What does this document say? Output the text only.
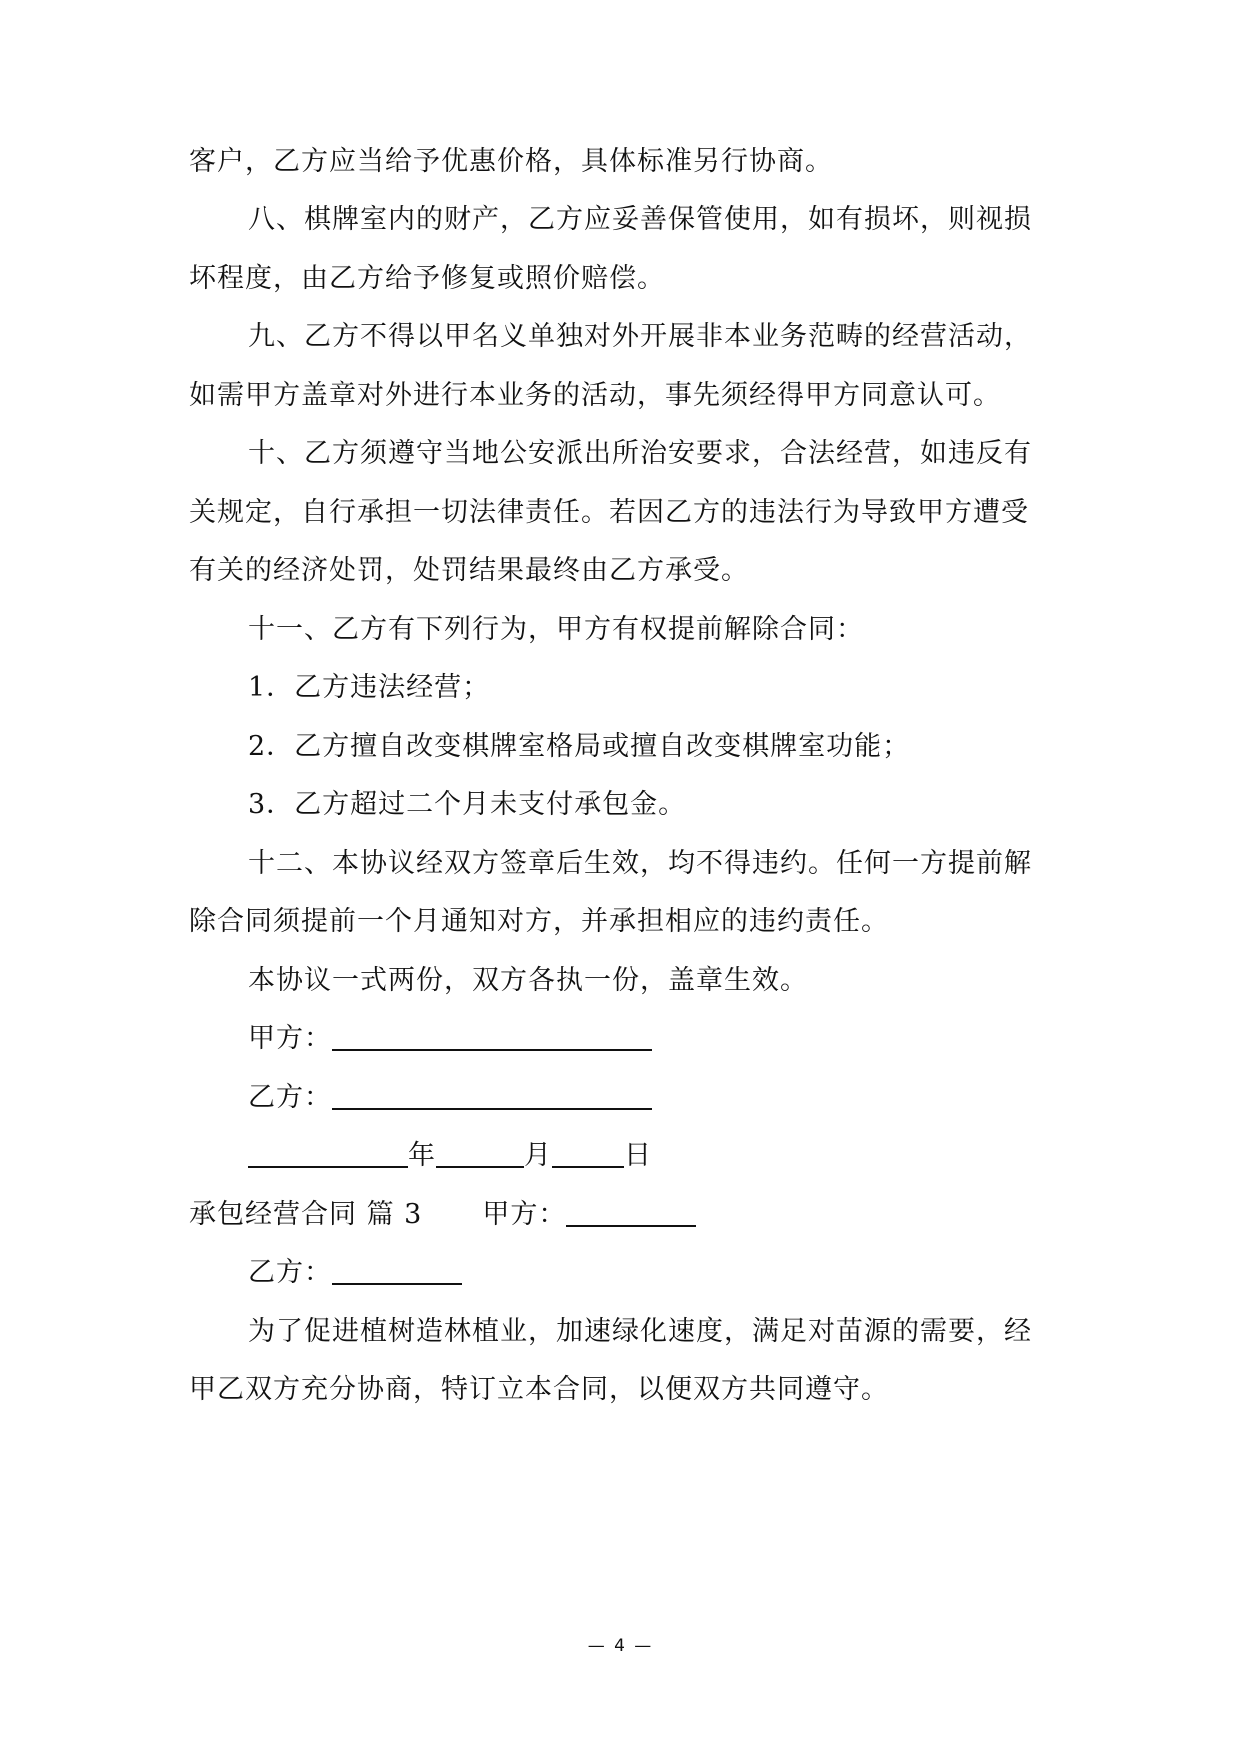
客户，乙方应当给予优惠价格，具体标准另行协商。
八、棋牌室内的财产，乙方应妥善保管使用，如有损坏，则视损
坏程度，由乙方给予修复或照价赔偿。
九、乙方不得以甲名义单独对外开展非本业务范畴的经营活动，
如需甲方盖章对外进行本业务的活动，事先须经得甲方同意认可。
十、乙方须遵守当地公安派出所治安要求，合法经营，如违反有
关规定，自行承担一切法律责任。若因乙方的违法行为导致甲方遭受
有关的经济处罚，处罚结果最终由乙方承受。
十一、乙方有下列行为，甲方有权提前解除合同：
1．乙方违法经营；
2．乙方擅自改变棋牌室格局或擅自改变棋牌室功能；
3．乙方超过二个月未支付承包金。
十二、本协议经双方签章后生效，均不得违约。任何一方提前解
除合同须提前一个月通知对方，并承担相应的违约责任。
本协议一式两份，双方各执一份，盖章生效。
甲方：
乙方：
年	月	日
承包经营合同 篇 3 甲方：
乙方：
为了促进植树造林植业，加速绿化速度，满足对苗源的需要，经
甲乙双方充分协商，特订立本合同，以便双方共同遵守。
— 4 —
